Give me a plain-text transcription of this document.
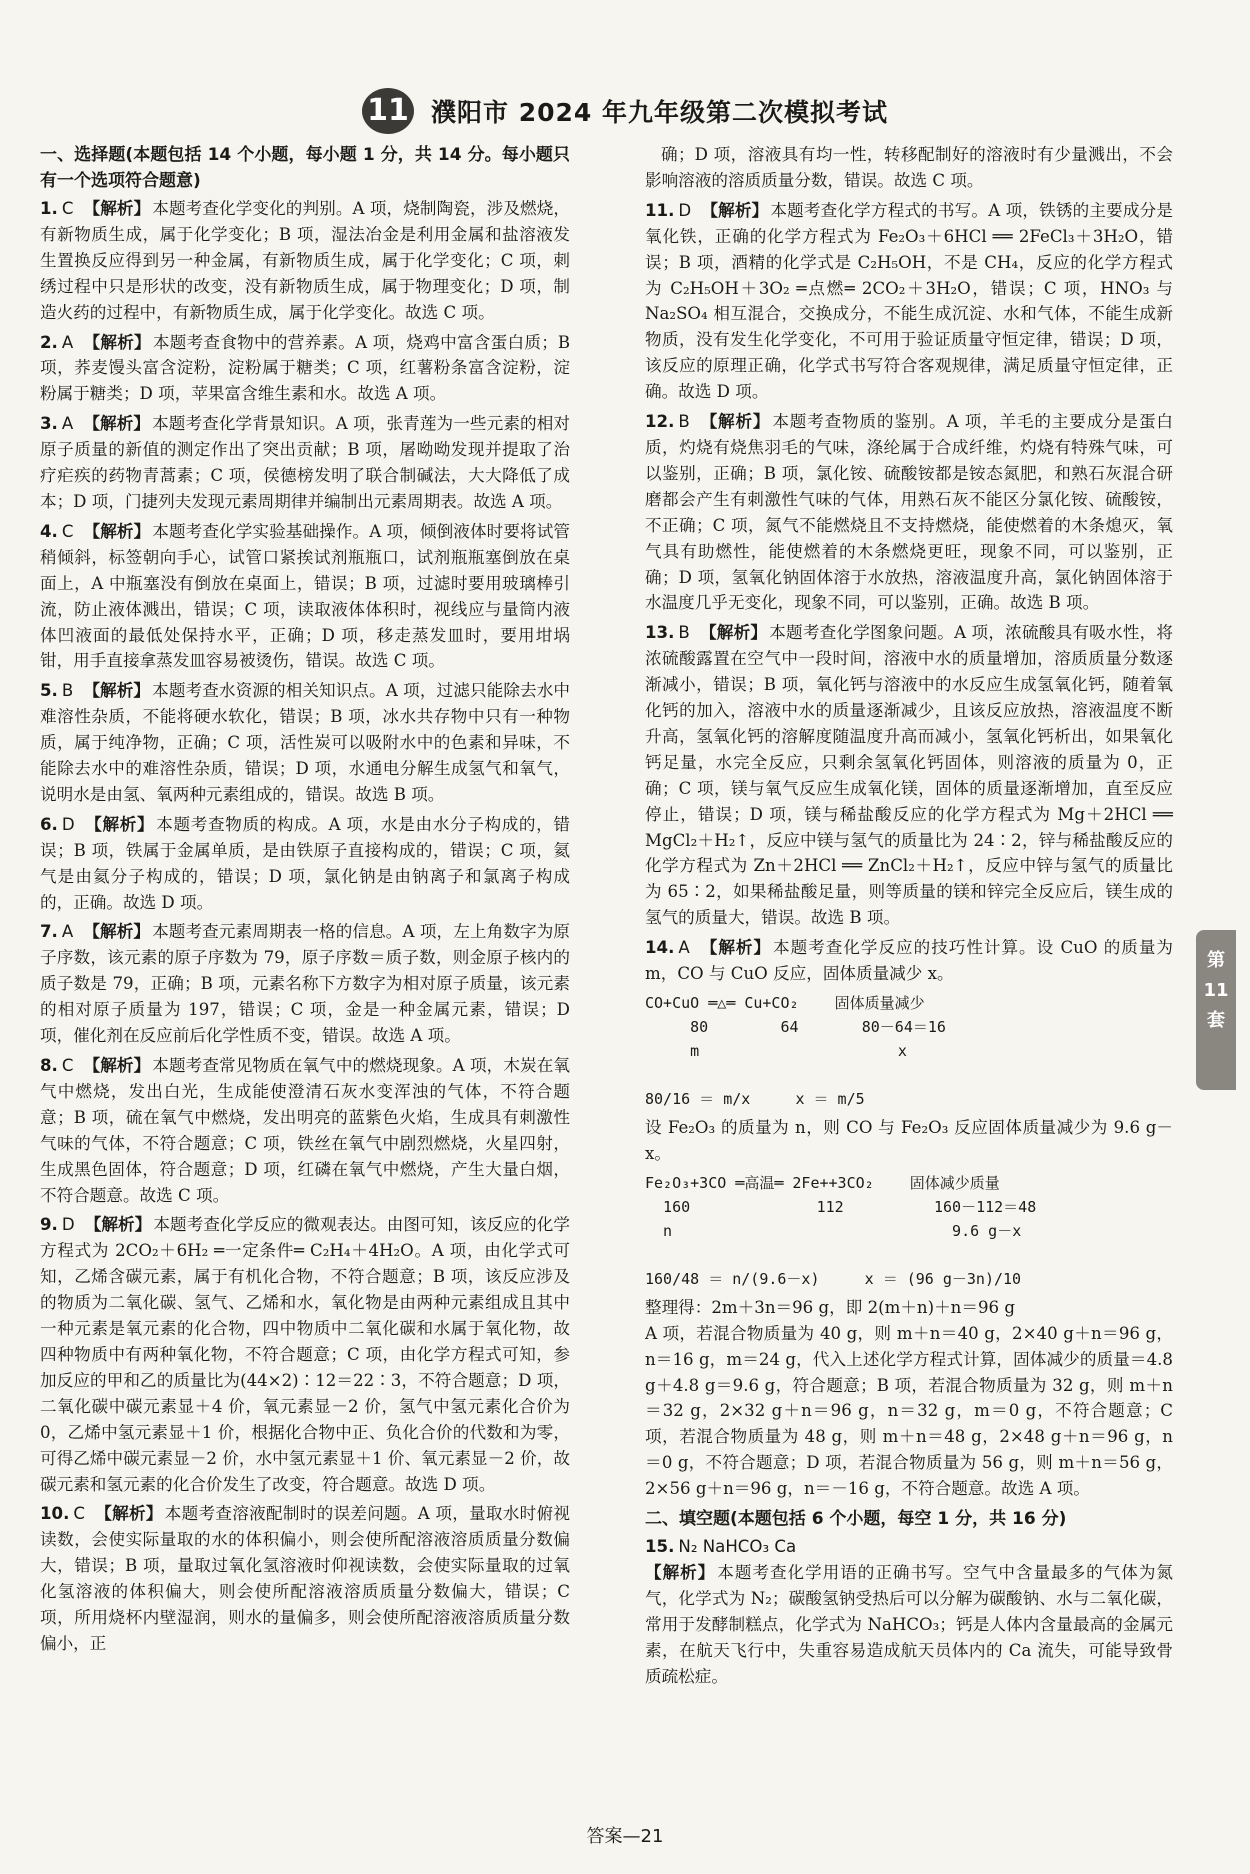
11 濮阳市 2024 年九年级第二次模拟考试
一、选择题(本题包括 14 个小题，每小题 1 分，共 14 分。每小题只有一个选项符合题意)
1. C 【解析】 本题考查化学变化的判别。A 项，烧制陶瓷，涉及燃烧，有新物质生成，属于化学变化；B 项，湿法冶金是利用金属和盐溶液发生置换反应得到另一种金属，有新物质生成，属于化学变化；C 项，刺绣过程中只是形状的改变，没有新物质生成，属于物理变化；D 项，制造火药的过程中，有新物质生成，属于化学变化。故选 C 项。
2. A 【解析】 本题考查食物中的营养素。A 项，烧鸡中富含蛋白质；B 项，荞麦馒头富含淀粉，淀粉属于糖类；C 项，红薯粉条富含淀粉，淀粉属于糖类；D 项，苹果富含维生素和水。故选 A 项。
3. A 【解析】 本题考查化学背景知识。A 项，张青莲为一些元素的相对原子质量的新值的测定作出了突出贡献；B 项，屠呦呦发现并提取了治疗疟疾的药物青蒿素；C 项，侯德榜发明了联合制碱法，大大降低了成本；D 项，门捷列夫发现元素周期律并编制出元素周期表。故选 A 项。
4. C 【解析】 本题考查化学实验基础操作。A 项，倾倒液体时要将试管稍倾斜，标签朝向手心，试管口紧挨试剂瓶瓶口，试剂瓶瓶塞倒放在桌面上，A 中瓶塞没有倒放在桌面上，错误；B 项，过滤时要用玻璃棒引流，防止液体溅出，错误；C 项，读取液体体积时，视线应与量筒内液体凹液面的最低处保持水平，正确；D 项，移走蒸发皿时，要用坩埚钳，用手直接拿蒸发皿容易被烫伤，错误。故选 C 项。
5. B 【解析】 本题考查水资源的相关知识点。A 项，过滤只能除去水中难溶性杂质，不能将硬水软化，错误；B 项，冰水共存物中只有一种物质，属于纯净物，正确；C 项，活性炭可以吸附水中的色素和异味，不能除去水中的难溶性杂质，错误；D 项，水通电分解生成氢气和氧气，说明水是由氢、氧两种元素组成的，错误。故选 B 项。
6. D 【解析】 本题考查物质的构成。A 项，水是由水分子构成的，错误；B 项，铁属于金属单质，是由铁原子直接构成的，错误；C 项，氦气是由氦分子构成的，错误；D 项，氯化钠是由钠离子和氯离子构成的，正确。故选 D 项。
7. A 【解析】 本题考查元素周期表一格的信息。A 项，左上角数字为原子序数，该元素的原子序数为 79，原子序数＝质子数，则金原子核内的质子数是 79，正确；B 项，元素名称下方数字为相对原子质量，该元素的相对原子质量为 197，错误；C 项，金是一种金属元素，错误；D 项，催化剂在反应前后化学性质不变，错误。故选 A 项。
8. C 【解析】 本题考查常见物质在氧气中的燃烧现象。A 项，木炭在氧气中燃烧，发出白光，生成能使澄清石灰水变浑浊的气体，不符合题意；B 项，硫在氧气中燃烧，发出明亮的蓝紫色火焰，生成具有刺激性气味的气体，不符合题意；C 项，铁丝在氧气中剧烈燃烧，火星四射，生成黑色固体，符合题意；D 项，红磷在氧气中燃烧，产生大量白烟，不符合题意。故选 C 项。
9. D 【解析】 本题考查化学反应的微观表达。由图可知，该反应的化学方程式为 2CO₂＋6H₂ ═一定条件═ C₂H₄＋4H₂O。A 项，由化学式可知，乙烯含碳元素，属于有机化合物，不符合题意；B 项，该反应涉及的物质为二氧化碳、氢气、乙烯和水，氧化物是由两种元素组成且其中一种元素是氧元素的化合物，四中物质中二氧化碳和水属于氧化物，故四种物质中有两种氧化物，不符合题意；C 项，由化学方程式可知，参加反应的甲和乙的质量比为(44×2)∶12＝22∶3，不符合题意；D 项，二氧化碳中碳元素显＋4 价，氧元素显－2 价，氢气中氢元素化合价为 0，乙烯中氢元素显＋1 价，根据化合物中正、负化合价的代数和为零，可得乙烯中碳元素显－2 价，水中氢元素显＋1 价、氧元素显－2 价，故碳元素和氢元素的化合价发生了改变，符合题意。故选 D 项。
10. C 【解析】 本题考查溶液配制时的误差问题。A 项，量取水时俯视读数，会使实际量取的水的体积偏小，则会使所配溶液溶质质量分数偏大，错误；B 项，量取过氧化氢溶液时仰视读数，会使实际量取的过氧化氢溶液的体积偏大，则会使所配溶液溶质质量分数偏大，错误；C 项，所用烧杯内壁湿润，则水的量偏多，则会使所配溶液溶质质量分数偏小，正
确；D 项，溶液具有均一性，转移配制好的溶液时有少量溅出，不会影响溶液的溶质质量分数，错误。故选 C 项。
11. D 【解析】 本题考查化学方程式的书写。A 项，铁锈的主要成分是氧化铁，正确的化学方程式为 Fe₂O₃＋6HCl ══ 2FeCl₃＋3H₂O，错误；B 项，酒精的化学式是 C₂H₅OH，不是 CH₄，反应的化学方程式为 C₂H₅OH＋3O₂ ═点燃═ 2CO₂＋3H₂O，错误；C 项，HNO₃ 与 Na₂SO₄ 相互混合，交换成分，不能生成沉淀、水和气体，不能生成新物质，没有发生化学变化，不可用于验证质量守恒定律，错误；D 项，该反应的原理正确，化学式书写符合客观规律，满足质量守恒定律，正确。故选 D 项。
12. B 【解析】 本题考查物质的鉴别。A 项，羊毛的主要成分是蛋白质，灼烧有烧焦羽毛的气味，涤纶属于合成纤维，灼烧有特殊气味，可以鉴别，正确；B 项，氯化铵、硫酸铵都是铵态氮肥，和熟石灰混合研磨都会产生有刺激性气味的气体，用熟石灰不能区分氯化铵、硫酸铵，不正确；C 项，氮气不能燃烧且不支持燃烧，能使燃着的木条熄灭，氧气具有助燃性，能使燃着的木条燃烧更旺，现象不同，可以鉴别，正确；D 项，氢氧化钠固体溶于水放热，溶液温度升高，氯化钠固体溶于水温度几乎无变化，现象不同，可以鉴别，正确。故选 B 项。
13. B 【解析】 本题考查化学图象问题。A 项，浓硫酸具有吸水性，将浓硫酸露置在空气中一段时间，溶液中水的质量增加，溶质质量分数逐渐减小，错误；B 项，氧化钙与溶液中的水反应生成氢氧化钙，随着氧化钙的加入，溶液中水的质量逐渐减少，且该反应放热，溶液温度不断升高，氢氧化钙的溶解度随温度升高而减小，氢氧化钙析出，如果氧化钙足量，水完全反应，只剩余氢氧化钙固体，则溶液的质量为 0，正确；C 项，镁与氧气反应生成氧化镁，固体的质量逐渐增加，直至反应停止，错误；D 项，镁与稀盐酸反应的化学方程式为 Mg＋2HCl ══ MgCl₂＋H₂↑，反应中镁与氢气的质量比为 24∶2，锌与稀盐酸反应的化学方程式为 Zn＋2HCl ══ ZnCl₂＋H₂↑，反应中锌与氢气的质量比为 65∶2，如果稀盐酸足量，则等质量的镁和锌完全反应后，镁生成的氢气的质量大，错误。故选 B 项。
14. A 【解析】 本题考查化学反应的技巧性计算。设 CuO 的质量为 m，CO 与 CuO 反应，固体质量减少 x。
CO+CuO ═△═ Cu+CO₂    固体质量减少
80        64       80－64＝16
m                      x

80/16 ＝ m/x     x ＝ m/5
设 Fe₂O₃ 的质量为 n，则 CO 与 Fe₂O₃ 反应固体质量减少为 9.6 g－x。
Fe₂O₃+3CO ═高温═ 2Fe++3CO₂    固体减少质量
160              112          160－112＝48
n                               9.6 g－x

160/48 ＝ n/(9.6－x)     x ＝ (96 g－3n)/10
整理得：2m＋3n＝96 g，即 2(m＋n)＋n＝96 g
A 项，若混合物质量为 40 g，则 m＋n＝40 g，2×40 g＋n＝96 g，n＝16 g，m＝24 g，代入上述化学方程式计算，固体减少的质量＝4.8 g＋4.8 g＝9.6 g，符合题意；B 项，若混合物质量为 32 g，则 m＋n＝32 g，2×32 g＋n＝96 g，n＝32 g，m＝0 g，不符合题意；C 项，若混合物质量为 48 g，则 m＋n＝48 g，2×48 g＋n＝96 g，n＝0 g，不符合题意；D 项，若混合物质量为 56 g，则 m＋n＝56 g，2×56 g＋n＝96 g，n＝－16 g，不符合题意。故选 A 项。
二、填空题(本题包括 6 个小题，每空 1 分，共 16 分)
15. N₂ NaHCO₃ Ca
【解析】 本题考查化学用语的正确书写。空气中含量最多的气体为氮气，化学式为 N₂；碳酸氢钠受热后可以分解为碳酸钠、水与二氧化碳，常用于发酵制糕点，化学式为 NaHCO₃；钙是人体内含量最高的金属元素，在航天飞行中，失重容易造成航天员体内的 Ca 流失，可能导致骨质疏松症。
第
11
套
答案—21
